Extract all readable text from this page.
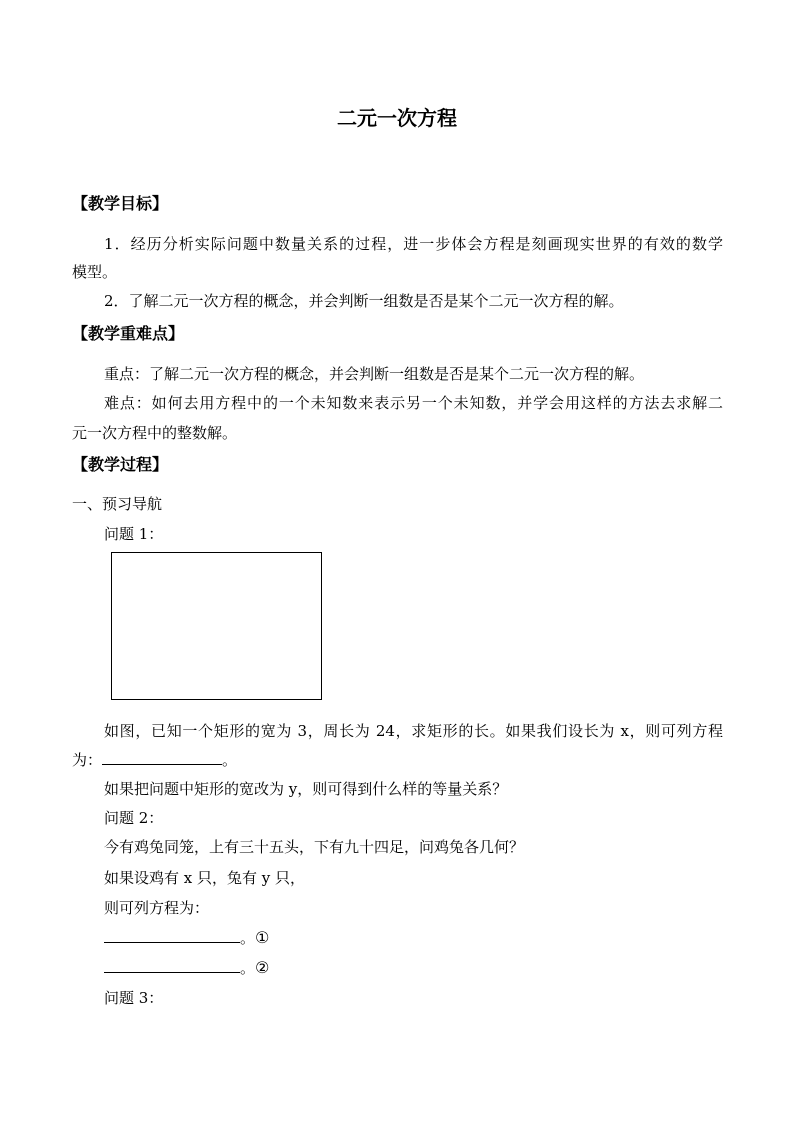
二元一次方程
【教学目标】
1．经历分析实际问题中数量关系的过程，进一步体会方程是刻画现实世界的有效的数学
模型。
2．了解二元一次方程的概念，并会判断一组数是否是某个二元一次方程的解。
【教学重难点】
重点：了解二元一次方程的概念，并会判断一组数是否是某个二元一次方程的解。
难点：如何去用方程中的一个未知数来表示另一个未知数，并学会用这样的方法去求解二
元一次方程中的整数解。
【教学过程】
一、预习导航
问题 1：
如图，已知一个矩形的宽为 3，周长为 24，求矩形的长。如果我们设长为 x，则可列方程
为：	。
如果把问题中矩形的宽改为 y，则可得到什么样的等量关系？
问题 2：
今有鸡兔同笼，上有三十五头，下有九十四足，问鸡兔各几何？
如果设鸡有 x 只，兔有 y 只，
则可列方程为：
。①
。②
问题 3：
